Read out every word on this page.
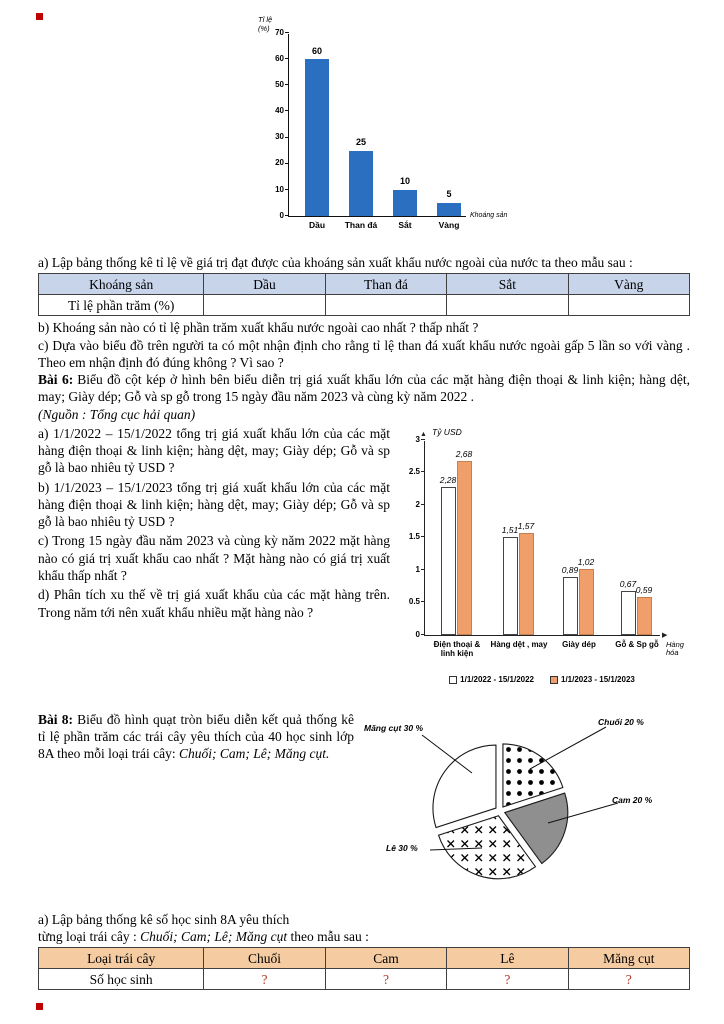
Tỉ lệ (%)
0
10
20
30
40
50
60
70
60
Dầu
25
Than đá
10
Sắt
5
Vàng
Khoáng sản

a) Lập bảng thống kê tỉ lệ về giá trị đạt được của khoáng sản xuất khẩu nước ngoài của nước ta theo mẫu sau :

Khoáng sản	Dầu	Than đá	Sắt	Vàng
Tỉ lệ phần trăm (%)				

b) Khoáng sản nào có tỉ lệ phần trăm xuất khẩu nước ngoài cao nhất ? thấp nhất ?

c) Dựa vào biểu đồ trên người ta có một nhận định cho rằng tỉ lệ than đá xuất khẩu nước ngoài gấp 5 lần so với vàng . Theo em nhận định đó đúng không ? Vì sao ?

Bài 6: Biểu đồ cột kép ở hình bên biểu diễn trị giá xuất khẩu lớn của các mặt hàng điện thoại & linh kiện; hàng dệt, may; Giày dép; Gỗ và sp gỗ trong 15 ngày đầu năm 2023 và cùng kỳ năm 2022 .

(Nguồn : Tổng cục hải quan)

a) 1/1/2022 – 15/1/2022 tổng trị giá xuất khẩu lớn của các mặt hàng điện thoại & linh kiện; hàng dệt, may; Giày dép; Gỗ và sp gỗ là bao nhiêu tỷ USD ?

b) 1/1/2023 – 15/1/2023 tổng trị giá xuất khẩu lớn của các mặt hàng điện thoại & linh kiện; hàng dệt, may; Giày dép; Gỗ và sp gỗ là bao nhiêu tỷ USD ?

c) Trong 15 ngày đầu năm 2023 và cùng kỳ năm 2022 mặt hàng nào có giá trị xuất khẩu cao nhất ? Mặt hàng nào có giá trị xuất khẩu thấp nhất ?

d) Phân tích xu thế về trị giá xuất khẩu của các mặt hàng trên. Trong năm tới nên xuất khẩu nhiều mặt hàng nào ?

▲ Tỷ USD
0
0.5
1
1.5
2
2.5
3
Điện thoại & linh kiện
2,28
2,68
Hàng dệt , may
1,51 1,57
Giày dép
0,89
1,02
Gỗ & Sp gỗ
0,67
0,59
▶
Hàng hóa
1/1/2022 - 15/1/2022	1/1/2023 - 15/1/2023
Bài 8: Biểu đồ hình quạt tròn biểu diễn kết quả thống kê tỉ lệ phần trăm các trái cây yêu thích của 40 học sinh lớp 8A theo mỗi loại trái cây: Chuối; Cam; Lê; Măng cụt.
Măng cụt 30 %
Chuối 20 %
Cam 20 %
Lê 30 %

a) Lập bảng thống kê số học sinh 8A yêu thích

từng loại trái cây : Chuối; Cam; Lê; Măng cụt theo mẫu sau :

Loại trái cây	Chuối	Cam	Lê	Măng cụt
Số học sinh	?	?	?	?
